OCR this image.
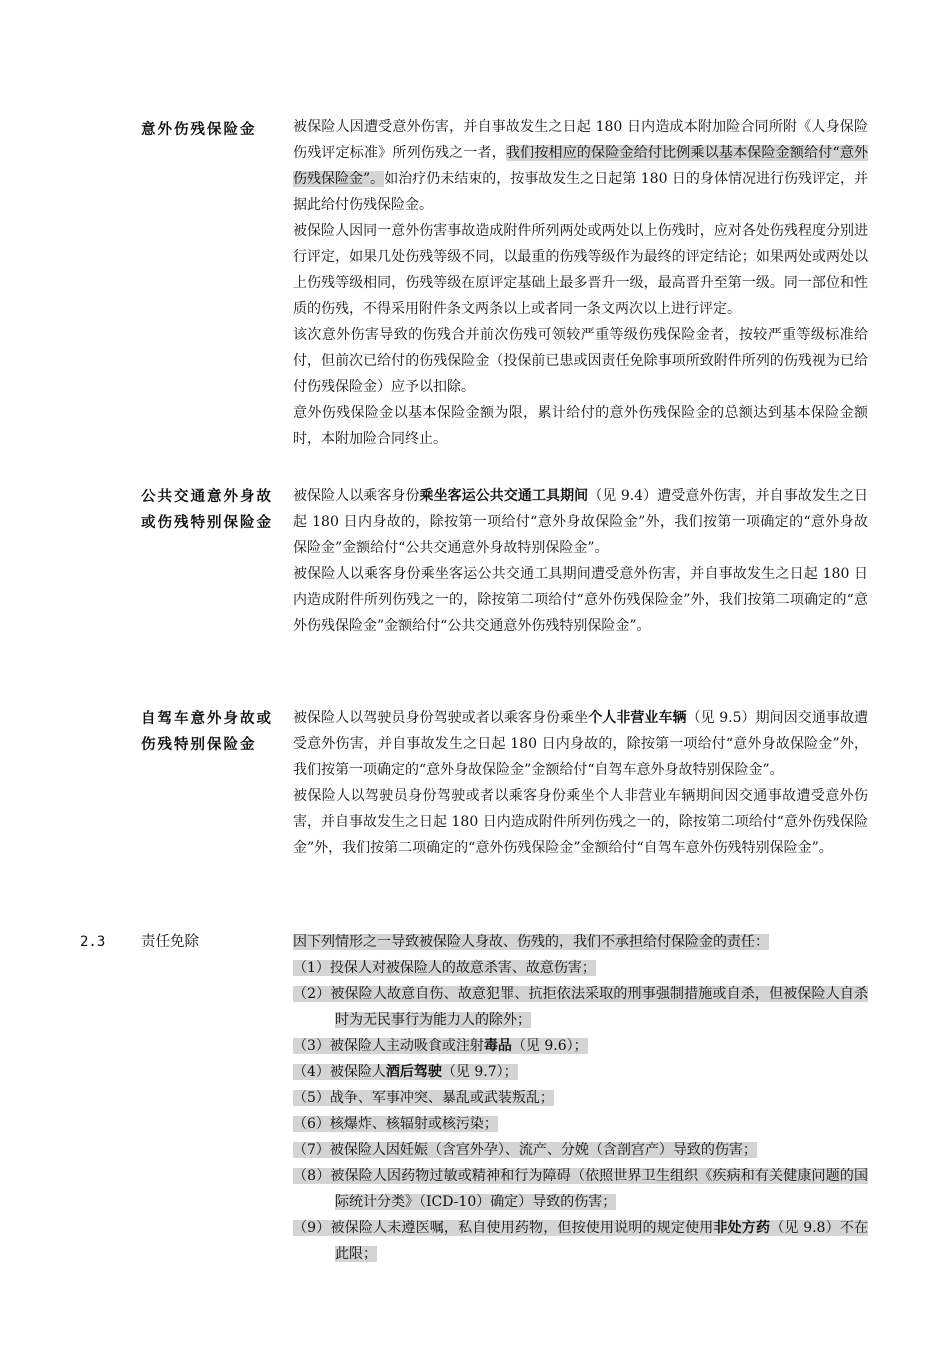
意外伤残保险金	被保险人因遭受意外伤害，并自事故发生之日起 180 日内造成本附加险合同所附《人身保险伤残评定标准》所列伤残之一者，我们按相应的保险金给付比例乘以基本保险金额给付“意外伤残保险金”。如治疗仍未结束的，按事故发生之日起第 180 日的身体情况进行伤残评定，并据此给付伤残保险金。

被保险人因同一意外伤害事故造成附件所列两处或两处以上伤残时，应对各处伤残程度分别进行评定，如果几处伤残等级不同，以最重的伤残等级作为最终的评定结论；如果两处或两处以上伤残等级相同，伤残等级在原评定基础上最多晋升一级，最高晋升至第一级。同一部位和性质的伤残，不得采用附件条文两条以上或者同一条文两次以上进行评定。

该次意外伤害导致的伤残合并前次伤残可领较严重等级伤残保险金者，按较严重等级标准给付，但前次已给付的伤残保险金（投保前已患或因责任免除事项所致附件所列的伤残视为已给付伤残保险金）应予以扣除。

意外伤残保险金以基本保险金额为限，累计给付的意外伤残保险金的总额达到基本保险金额时，本附加险合同终止。

公共交通意外身故或伤残特别保险金

被保险人以乘客身份乘坐客运公共交通工具期间（见 9.4）遭受意外伤害，并自事故发生之日起 180 日内身故的，除按第一项给付“意外身故保险金”外，我们按第一项确定的“意外身故保险金”金额给付“公共交通意外身故特别保险金”。

被保险人以乘客身份乘坐客运公共交通工具期间遭受意外伤害，并自事故发生之日起 180 日内造成附件所列伤残之一的，除按第二项给付“意外伤残保险金”外，我们按第二项确定的“意外伤残保险金”金额给付“公共交通意外伤残特别保险金”。

自驾车意外身故或伤残特别保险金

被保险人以驾驶员身份驾驶或者以乘客身份乘坐个人非营业车辆（见 9.5）期间因交通事故遭受意外伤害，并自事故发生之日起 180 日内身故的，除按第一项给付“意外身故保险金”外，我们按第一项确定的“意外身故保险金”金额给付“自驾车意外身故特别保险金”。

被保险人以驾驶员身份驾驶或者以乘客身份乘坐个人非营业车辆期间因交通事故遭受意外伤害，并自事故发生之日起 180 日内造成附件所列伤残之一的，除按第二项给付“意外伤残保险金”外，我们按第二项确定的“意外伤残保险金”金额给付“自驾车意外伤残特别保险金”。

2.3 责任免除	因下列情形之一导致被保险人身故、伤残的，我们不承担给付保险金的责任：

（1）投保人对被保险人的故意杀害、故意伤害；

（2）被保险人故意自伤、故意犯罪、抗拒依法采取的刑事强制措施或自杀，但被保险人自杀时为无民事行为能力人的除外；

（3）被保险人主动吸食或注射毒品（见 9.6）；

（4）被保险人酒后驾驶（见 9.7）；

（5）战争、军事冲突、暴乱或武装叛乱；

（6）核爆炸、核辐射或核污染；

（7）被保险人因妊娠（含宫外孕）、流产、分娩（含剖宫产）导致的伤害；

（8）被保险人因药物过敏或精神和行为障碍（依照世界卫生组织《疾病和有关健康问题的国际统计分类》（ICD-10）确定）导致的伤害；

（9）被保险人未遵医嘱，私自使用药物，但按使用说明的规定使用非处方药（见 9.8）不在此限；
